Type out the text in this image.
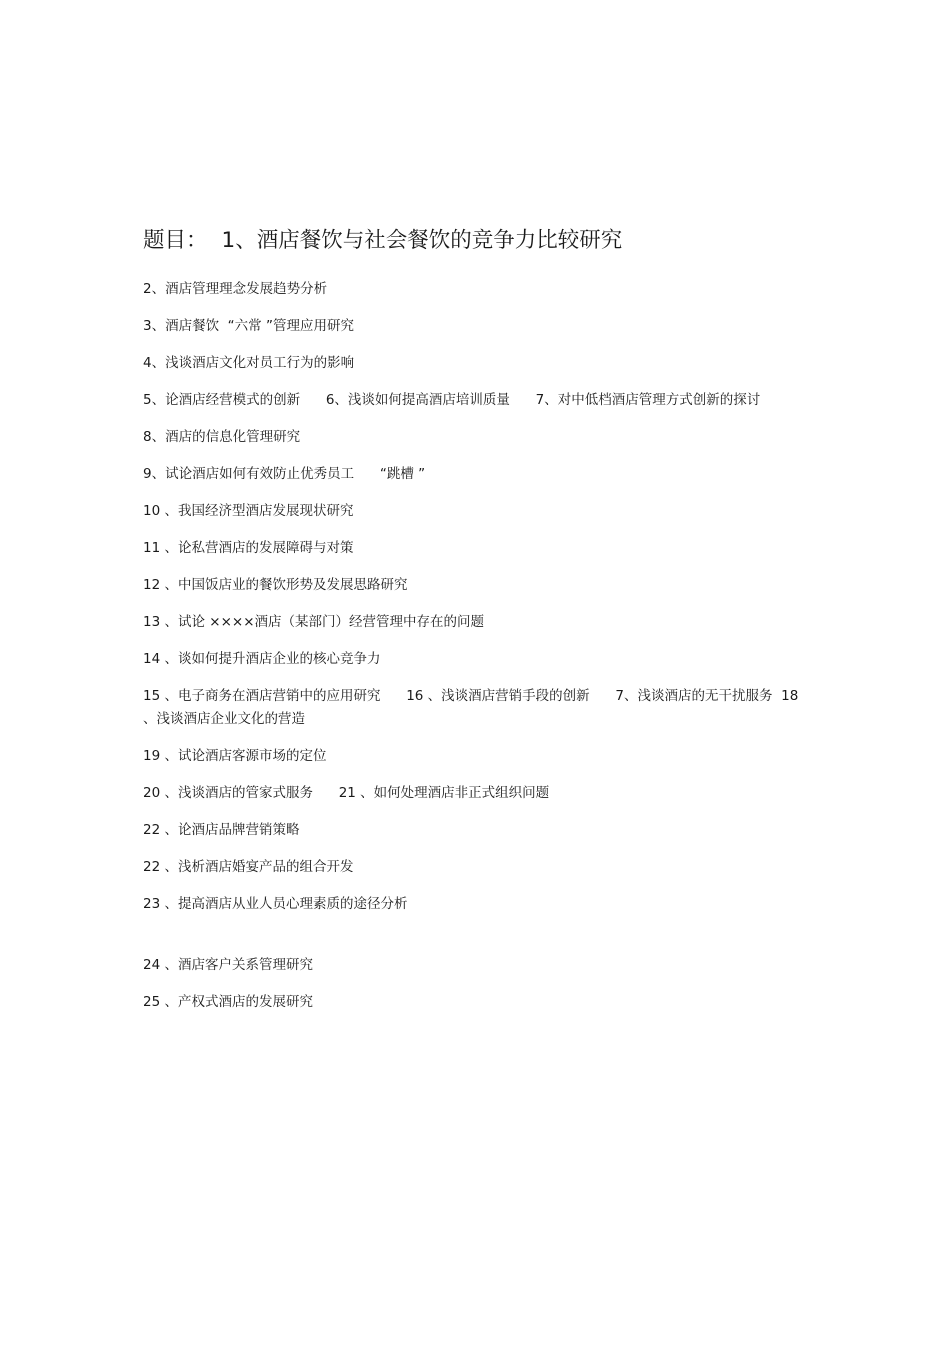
题目： 1、酒店餐饮与社会餐饮的竞争力比较研究
2、酒店管理理念发展趋势分析
3、酒店餐饮  “六常 ”管理应用研究
4、浅谈酒店文化对员工行为的影响
5、论酒店经营模式的创新      6、浅谈如何提高酒店培训质量      7、对中低档酒店管理方式创新的探讨
8、酒店的信息化管理研究
9、试论酒店如何有效防止优秀员工      “跳槽 ”
10 、我国经济型酒店发展现状研究
11 、论私营酒店的发展障碍与对策
12 、中国饭店业的餐饮形势及发展思路研究
13 、试论 ××××酒店（某部门）经营管理中存在的问题
14 、谈如何提升酒店企业的核心竞争力
15 、电子商务在酒店营销中的应用研究      16 、浅谈酒店营销手段的创新      7、浅谈酒店的无干扰服务  18 、浅谈酒店企业文化的营造
19 、试论酒店客源市场的定位
20 、浅谈酒店的管家式服务      21 、如何处理酒店非正式组织问题
22 、论酒店品牌营销策略
22 、浅析酒店婚宴产品的组合开发
23 、提高酒店从业人员心理素质的途径分析
24 、酒店客户关系管理研究
25 、产权式酒店的发展研究
